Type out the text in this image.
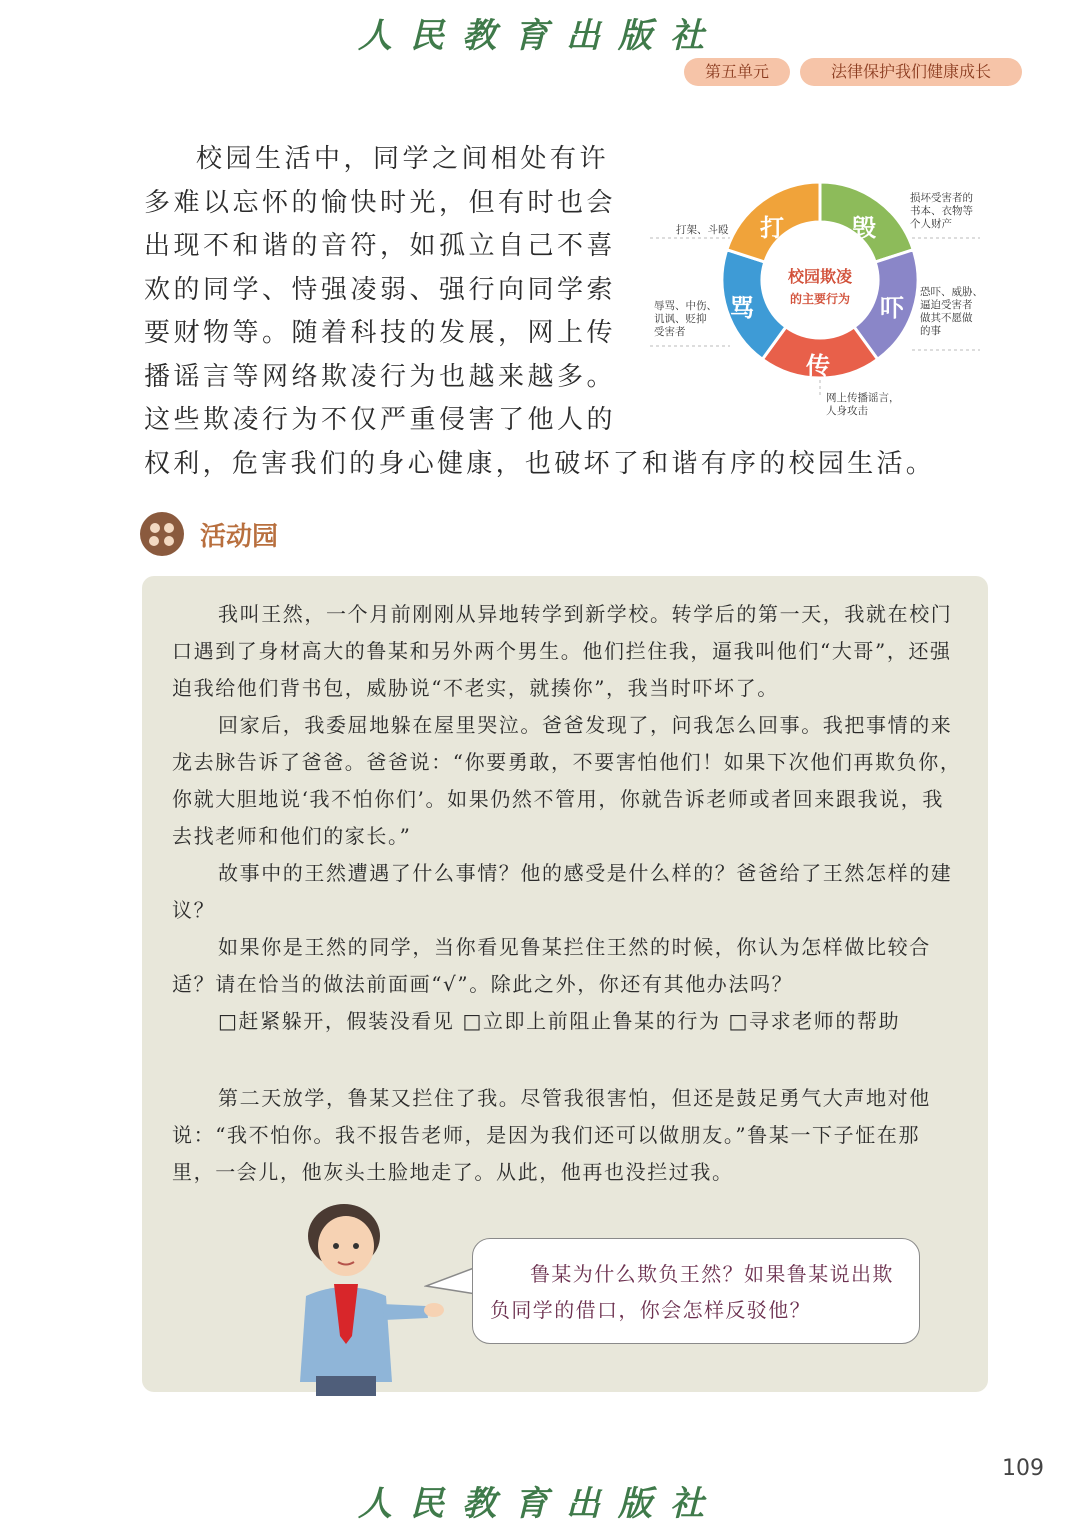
人民教育出版社
第五单元	法律保护我们健康成长
校园生活中，同学之间相处有许
多难以忘怀的愉快时光，但有时也会
出现不和谐的音符，如孤立自己不喜
欢的同学、恃强凌弱、强行向同学索
要财物等。随着科技的发展，网上传
播谣言等网络欺凌行为也越来越多。
这些欺凌行为不仅严重侵害了他人的
权利，危害我们的身心健康，也破坏了和谐有序的校园生活。
打架、斗殴
损坏受害者的
书本、衣物等
个人财产
恐吓、威胁、
逼迫受害者
做其不愿做
的事
网上传播谣言，
人身攻击
辱骂、中伤、
讥讽、贬抑
受害者
打	毁
吓
传
骂
校园欺凌
的主要行为
活动园

我叫王然，一个月前刚刚从异地转学到新学校。转学后的第一天，我就在校门口遇到了身材高大的鲁某和另外两个男生。他们拦住我，逼我叫他们“大哥”，还强迫我给他们背书包，威胁说“不老实，就揍你”，我当时吓坏了。

回家后，我委屈地躲在屋里哭泣。爸爸发现了，问我怎么回事。我把事情的来龙去脉告诉了爸爸。爸爸说：“你要勇敢，不要害怕他们！如果下次他们再欺负你，你就大胆地说‘我不怕你们’。如果仍然不管用，你就告诉老师或者回来跟我说，我去找老师和他们的家长。”

故事中的王然遭遇了什么事情？他的感受是什么样的？爸爸给了王然怎样的建议？

如果你是王然的同学，当你看见鲁某拦住王然的时候，你认为怎样做比较合适？请在恰当的做法前面画“√”。除此之外，你还有其他办法吗？

□赶紧躲开，假装没看见 □立即上前阻止鲁某的行为 □寻求老师的帮助

第二天放学，鲁某又拦住了我。尽管我很害怕，但还是鼓足勇气大声地对他说：“我不怕你。我不报告老师，是因为我们还可以做朋友。”鲁某一下子怔在那里，一会儿，他灰头土脸地走了。从此，他再也没拦过我。

鲁某为什么欺负王然？如果鲁某说出欺负同学的借口，你会怎样反驳他？

109
人民教育出版社
